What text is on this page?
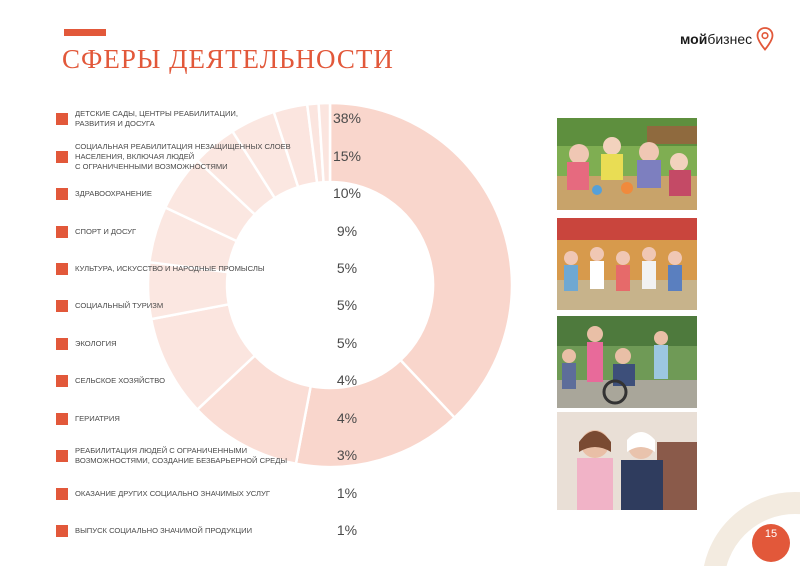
СФЕРЫ ДЕЯТЕЛЬНОСТИ
мойбизнес
ДЕТСКИЕ САДЫ, ЦЕНТРЫ РЕАБИЛИТАЦИИ,
РАЗВИТИЯ И ДОСУГА	38%
СОЦИАЛЬНАЯ РЕАБИЛИТАЦИЯ НЕЗАЩИЩЕННЫХ СЛОЕВ
НАСЕЛЕНИЯ, ВКЛЮЧАЯ ЛЮДЕЙ
С ОГРАНИЧЕННЫМИ ВОЗМОЖНОСТЯМИ
15%
ЗДРАВООХРАНЕНИЕ	10%
СПОРТ И ДОСУГ	9%
КУЛЬТУРА, ИСКУССТВО И НАРОДНЫЕ ПРОМЫСЛЫ	5%
СОЦИАЛЬНЫЙ ТУРИЗМ	5%
ЭКОЛОГИЯ	5%
СЕЛЬСКОЕ ХОЗЯЙСТВО	4%
ГЕРИАТРИЯ	4%
РЕАБИЛИТАЦИЯ ЛЮДЕЙ С ОГРАНИЧЕННЫМИ
ВОЗМОЖНОСТЯМИ, СОЗДАНИЕ БЕЗБАРЬЕРНОЙ СРЕДЫ	3%
ОКАЗАНИЕ ДРУГИХ СОЦИАЛЬНО ЗНАЧИМЫХ УСЛУГ	1%
ВЫПУСК СОЦИАЛЬНО ЗНАЧИМОЙ ПРОДУКЦИИ	1%	15
